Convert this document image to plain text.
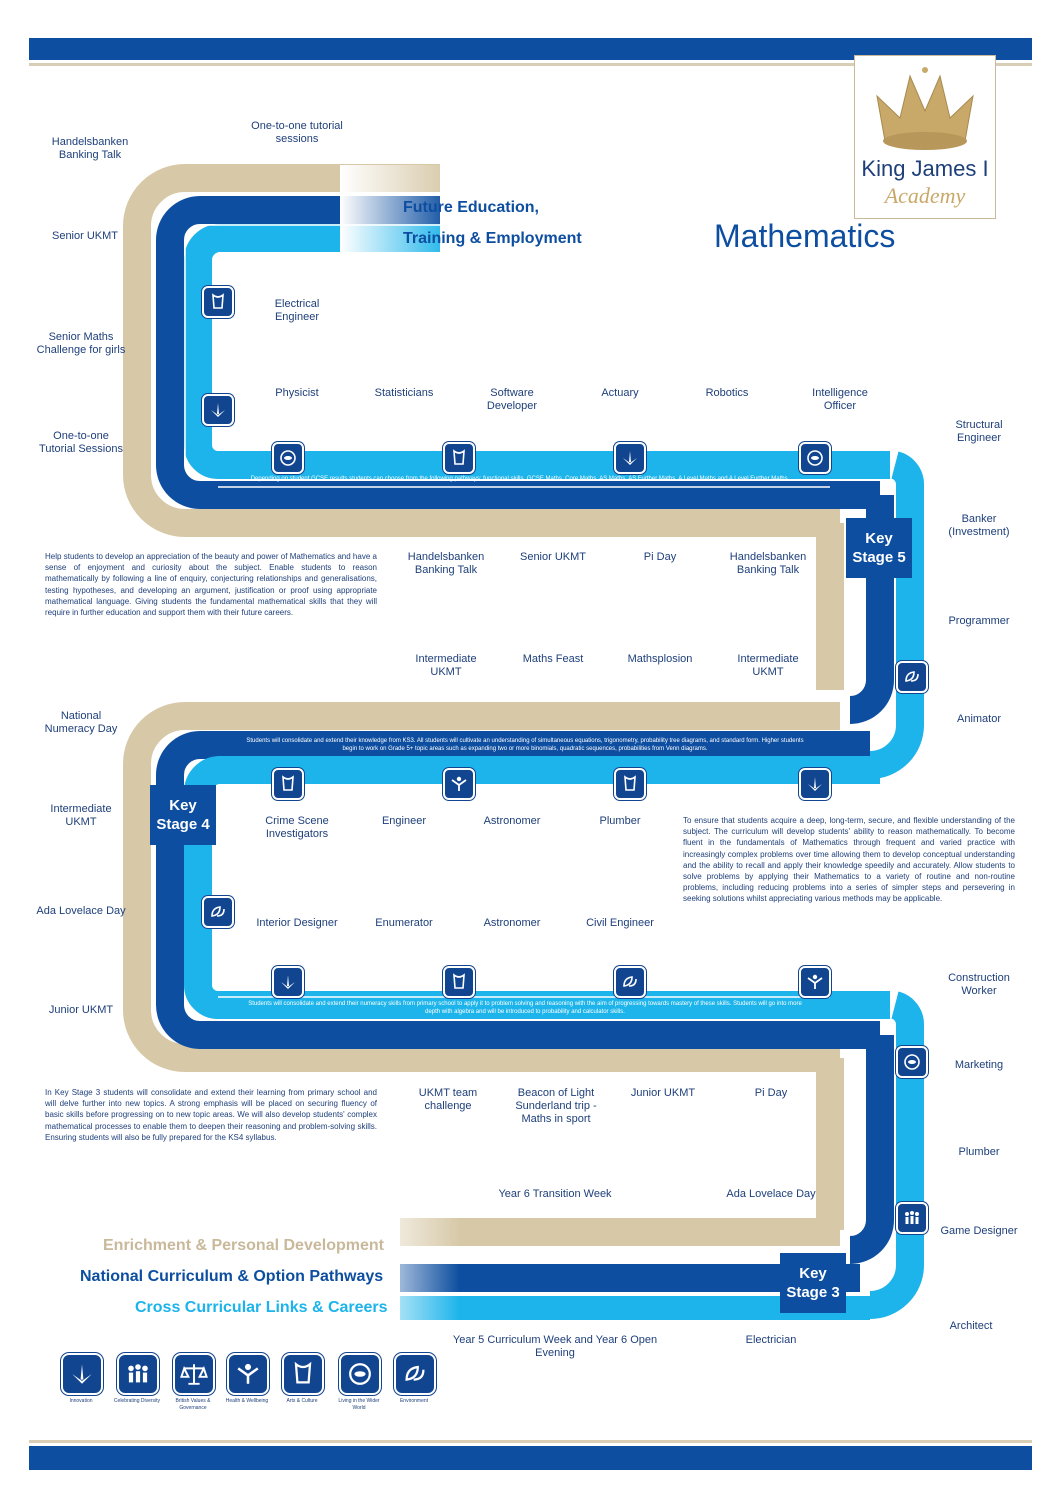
King James I
Academy
Mathematics
Future Education,
Training & Employment
Handelsbanken Banking Talk
Senior UKMT
Senior Maths Challenge for girls
One-to-one Tutorial Sessions
National Numeracy Day
Intermediate UKMT
Ada Lovelace Day
Junior UKMT
One-to-one tutorial sessions
Structural Engineer
Banker (Investment)
Programmer
Animator
Construction Worker
Marketing
Plumber
Game Designer
Architect
Electrical Engineer
Physicist	Statisticians	Software Developer
Actuary	Robotics	Intelligence Officer
Depending on student GCSE results students can choose from the following pathways; functional skills, GCSE Maths, Core Maths, AS Maths, AS Further Maths, A Level Maths and A Level Further Maths.
Key Stage 5
Help students to develop an appreciation of the beauty and power of Mathematics and have a sense of enjoyment and curiosity about the subject. Enable students to reason mathematically by following a line of enquiry, conjecturing relationships and generalisations, testing hypotheses, and developing an argument, justification or proof using appropriate mathematical language. Giving students the fundamental mathematical skills that they will require in further education and support them with their future careers.
Handelsbanken Banking Talk
Senior UKMT	Pi Day	Handelsbanken Banking Talk
Intermediate UKMT
Maths Feast	Mathsplosion	Intermediate UKMT
Students will consolidate and extend their knowledge from KS3. All students will cultivate an understanding of simultaneous equations, trigonometry, probability tree diagrams, and standard form. Higher students begin to work on Grade 5+ topic areas such as expanding two or more binomials, quadratic sequences, probabilities from Venn diagrams.
Key Stage 4	Crime Scene Investigators
Engineer	Astronomer	Plumber
Interior Designer	Enumerator	Astronomer	Civil Engineer
To ensure that students acquire a deep, long-term, secure, and flexible understanding of the subject. The curriculum will develop students' ability to reason mathematically. To become fluent in the fundamentals of Mathematics through frequent and varied practice with increasingly complex problems over time allowing them to develop conceptual understanding and the ability to recall and apply their knowledge speedily and accurately. Allow students to solve problems by applying their Mathematics to a variety of routine and non-routine problems, including reducing problems into a series of simpler steps and persevering in seeking solutions whilst appreciating various methods may be applicable.
Students will consolidate and extend their numeracy skills from primary school to apply it to problem solving and reasoning with the aim of progressing towards mastery of these skills. Students will go into more depth with algebra and will be introduced to probability and calculator skills.
In Key Stage 3 students will consolidate and extend their learning from primary school and will delve further into new topics. A strong emphasis will be placed on securing fluency of basic skills before progressing on to new topic areas. We will also develop students' complex mathematical processes to enable them to deepen their reasoning and problem-solving skills. Ensuring students will also be fully prepared for the KS4 syllabus.
UKMT team challenge
Beacon of Light Sunderland trip - Maths in sport
Junior UKMT	Pi Day
Year 6 Transition Week	Ada Lovelace Day
Key Stage 3
Year 5 Curriculum Week and Year 6 Open Evening
Electrician
Enrichment & Personal Development
National Curriculum & Option Pathways
Cross Curricular Links & Careers
Innovation	Celebrating Diversity	British Values & Governance
Health & Wellbeing	Arts & Culture	Living in the Wider World
Environment
